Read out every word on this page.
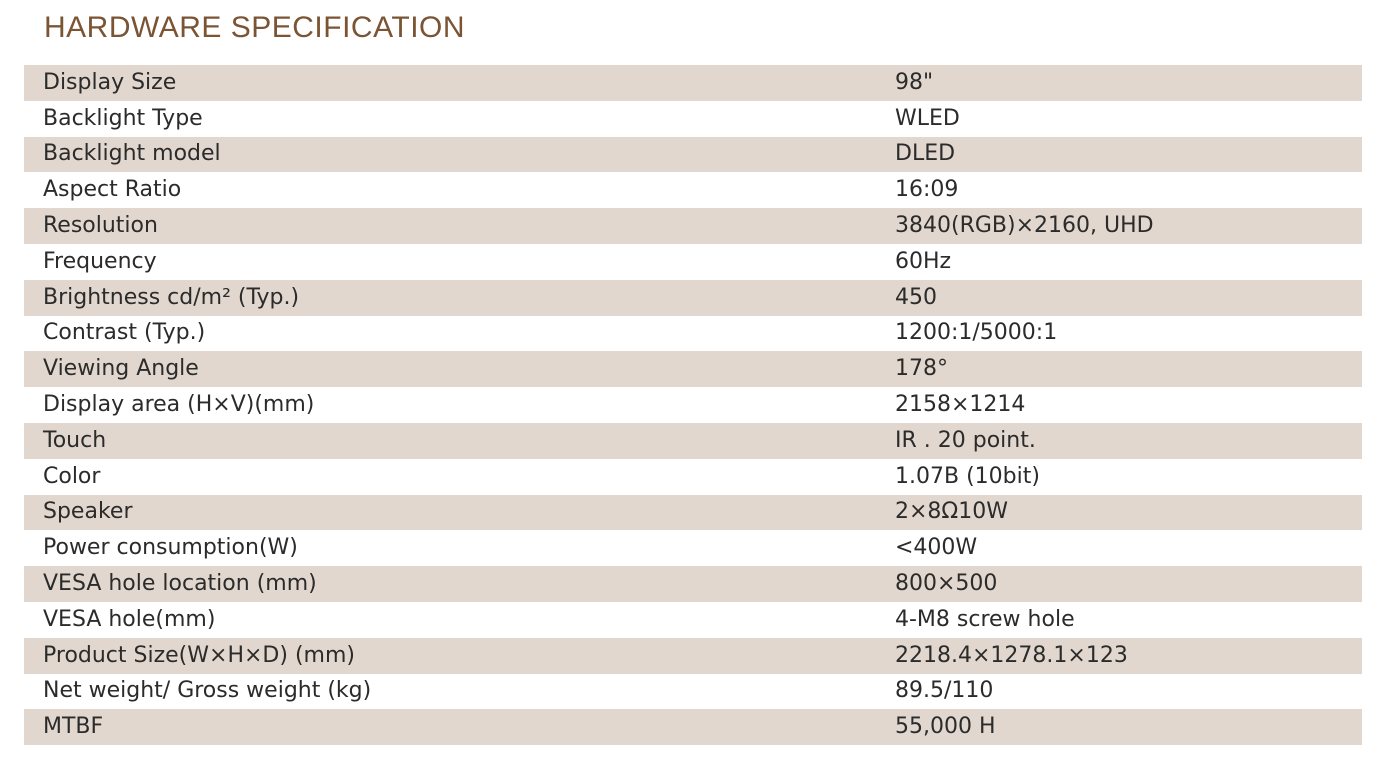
HARDWARE SPECIFICATION
Display Size	98"
Backlight Type	WLED
Backlight model	DLED
Aspect Ratio	16:09
Resolution	3840(RGB)×2160, UHD
Frequency	60Hz
Brightness cd/m² (Typ.)	450
Contrast (Typ.)	1200:1/5000:1
Viewing Angle	178°
Display area (H×V)(mm)	2158×1214
Touch	IR . 20 point.
Color	1.07B (10bit)
Speaker	2×8Ω10W
Power consumption(W)	<400W
VESA hole location (mm)	800×500
VESA hole(mm)	4-M8 screw hole
Product Size(W×H×D) (mm)	2218.4×1278.1×123
Net weight/ Gross weight (kg)	89.5/110
MTBF	55,000 H
